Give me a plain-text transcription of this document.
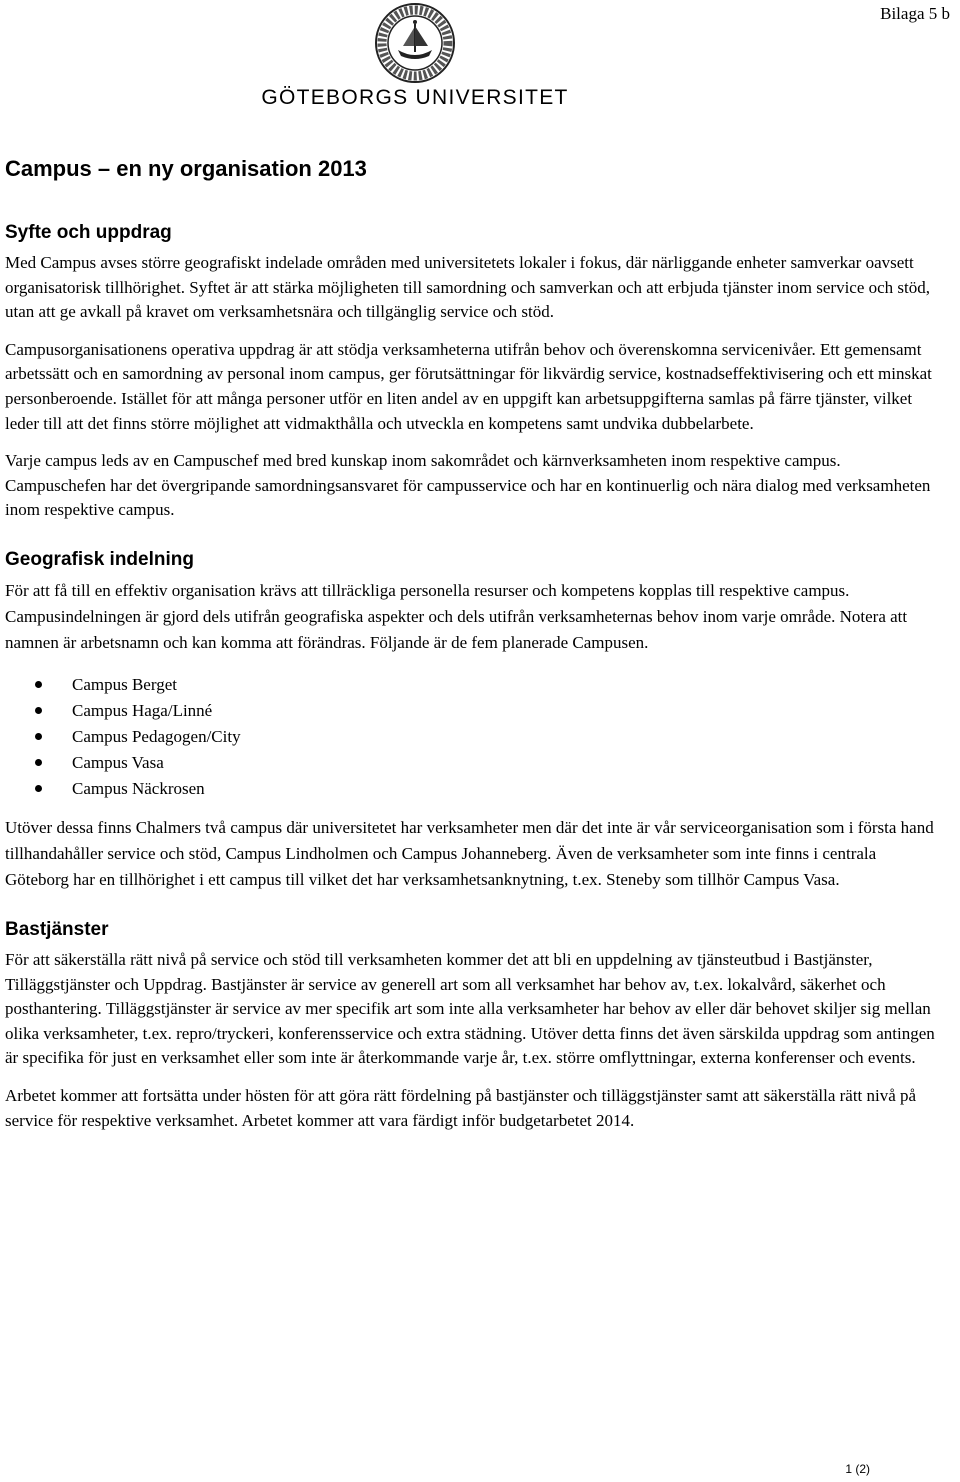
Bilaga 5 b
GÖTEBORGS UNIVERSITET
Campus – en ny organisation 2013
Syfte och uppdrag

Med Campus avses större geografiskt indelade områden med universitetets lokaler i fokus, där närliggande enheter samverkar oavsett organisatorisk tillhörighet. Syftet är att stärka möjligheten till samordning och samverkan och att erbjuda tjänster inom service och stöd, utan att ge avkall på kravet om verksamhetsnära och tillgänglig service och stöd.

Campusorganisationens operativa uppdrag är att stödja verksamheterna utifrån behov och överenskomna servicenivåer. Ett gemensamt arbetssätt och en samordning av personal inom campus, ger förutsättningar för likvärdig service, kostnadseffektivisering och ett minskat personberoende. Istället för att många personer utför en liten andel av en uppgift kan arbetsuppgifterna samlas på färre tjänster, vilket leder till att det finns större möjlighet att vidmakthålla och utveckla en kompetens samt undvika dubbelarbete.

Varje campus leds av en Campuschef med bred kunskap inom sakområdet och kärnverksamheten inom respektive campus. Campuschefen har det övergripande samordningsansvaret för campusservice och har en kontinuerlig och nära dialog med verksamheten inom respektive campus.

Geografisk indelning

För att få till en effektiv organisation krävs att tillräckliga personella resurser och kompetens kopplas till respektive campus. Campusindelningen är gjord dels utifrån geografiska aspekter och dels utifrån verksamheternas behov inom varje område. Notera att namnen är arbetsnamn och kan komma att förändras. Följande är de fem planerade Campusen.

Campus Berget
Campus Haga/Linné
Campus Pedagogen/City
Campus Vasa
Campus Näckrosen

Utöver dessa finns Chalmers två campus där universitetet har verksamheter men där det inte är vår serviceorganisation som i första hand tillhandahåller service och stöd, Campus Lindholmen och Campus Johanneberg. Även de verksamheter som inte finns i centrala Göteborg har en tillhörighet i ett campus till vilket det har verksamhetsanknytning, t.ex. Steneby som tillhör Campus Vasa.

Bastjänster

För att säkerställa rätt nivå på service och stöd till verksamheten kommer det att bli en uppdelning av tjänsteutbud i Bastjänster, Tilläggstjänster och Uppdrag. Bastjänster är service av generell art som all verksamhet har behov av, t.ex. lokalvård, säkerhet och posthantering. Tilläggstjänster är service av mer specifik art som inte alla verksamheter har behov av eller där behovet skiljer sig mellan olika verksamheter, t.ex. repro/tryckeri, konferensservice och extra städning. Utöver detta finns det även särskilda uppdrag som antingen är specifika för just en verksamhet eller som inte är återkommande varje år, t.ex. större omflyttningar, externa konferenser och events.

Arbetet kommer att fortsätta under hösten för att göra rätt fördelning på bastjänster och tilläggstjänster samt att säkerställa rätt nivå på service för respektive verksamhet. Arbetet kommer att vara färdigt inför budgetarbetet 2014.

1 (2)
